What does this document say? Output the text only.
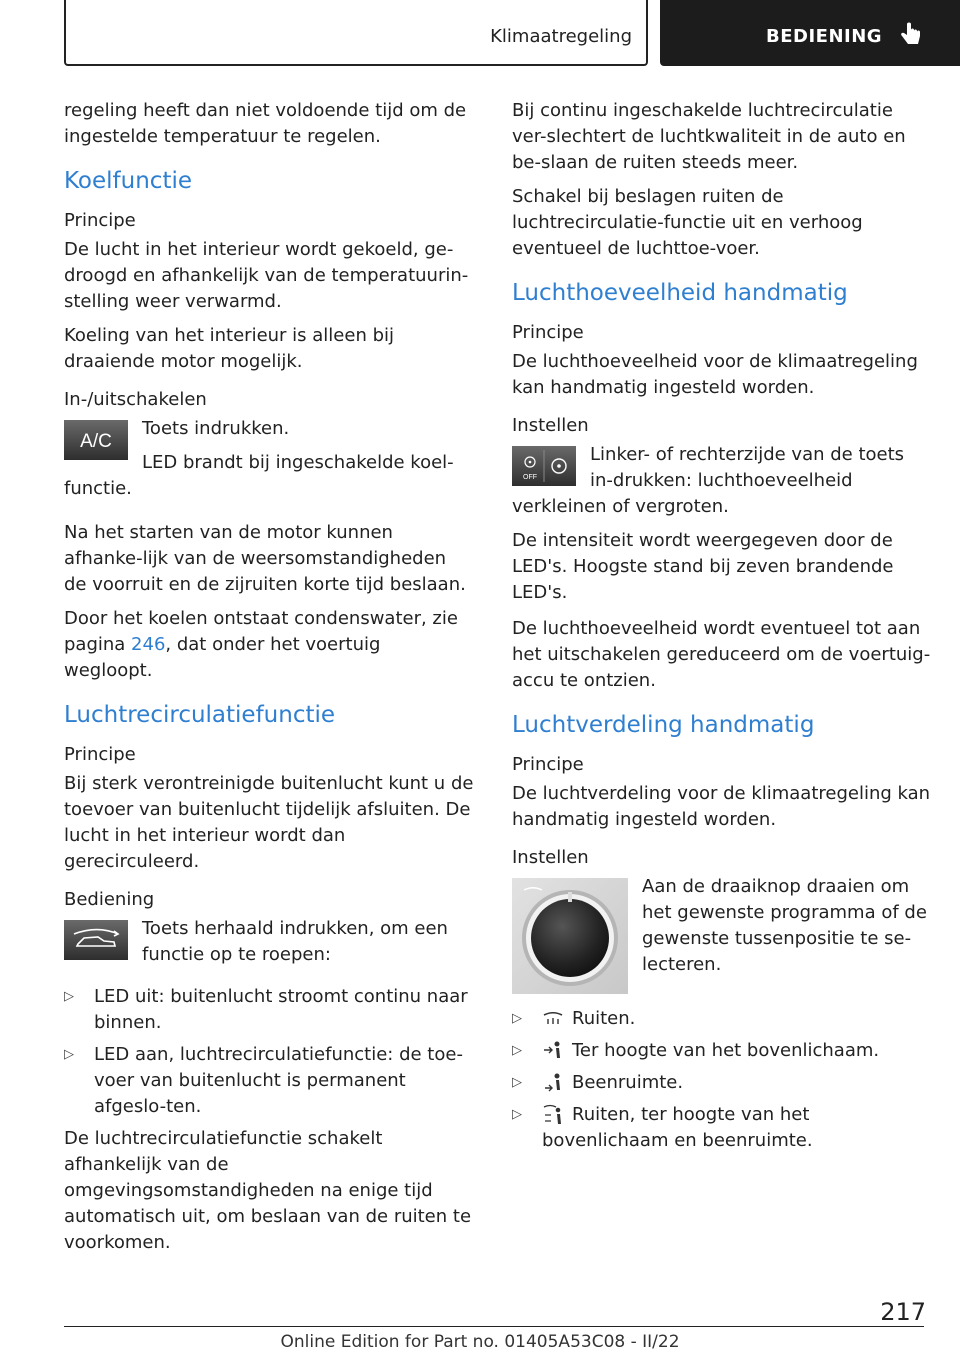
Klimaatregeling	BEDIENING

regeling heeft dan niet voldoende tijd om de ingestelde temperatuur te regelen.

Koelfunctie
Principe

De lucht in het interieur wordt gekoeld, ge-droogd en afhankelijk van de temperatuurin-stelling weer verwarmd.

Koeling van het interieur is alleen bij draaiende motor mogelijk.

In-/uitschakelen
A/C

Toets indrukken.

LED brandt bij ingeschakelde koel-functie.

Na het starten van de motor kunnen afhanke-lijk van de weersomstandigheden de voorruit en de zijruiten korte tijd beslaan.

Door het koelen ontstaat condenswater, zie pagina 246, dat onder het voertuig wegloopt.

Luchtrecirculatiefunctie
Principe

Bij sterk verontreinigde buitenlucht kunt u de toevoer van buitenlucht tijdelijk afsluiten. De lucht in het interieur wordt dan gerecirculeerd.

Bediening

Toets herhaald indrukken, om een functie op te roepen:

▷ LED uit: buitenlucht stroomt continu naar binnen.
▷ LED aan, luchtrecirculatiefunctie: de toe-voer van buitenlucht is permanent afgeslo-ten.

De luchtrecirculatiefunctie schakelt afhankelijk van de omgevingsomstandigheden na enige tijd automatisch uit, om beslaan van de ruiten te voorkomen.

Bij continu ingeschakelde luchtrecirculatie ver-slechtert de luchtkwaliteit in de auto en be-slaan de ruiten steeds meer.

Schakel bij beslagen ruiten de luchtrecirculatie-functie uit en verhoog eventueel de luchttoe-voer.

Luchthoeveelheid handmatig
Principe

De luchthoeveelheid voor de klimaatregeling kan handmatig ingesteld worden.

Instellen
OFF

Linker- of rechterzijde van de toets in-drukken: luchthoeveelheid verkleinen of vergroten.

De intensiteit wordt weergegeven door de LED's. Hoogste stand bij zeven brandende LED's.

De luchthoeveelheid wordt eventueel tot aan het uitschakelen gereduceerd om de voertuig-accu te ontzien.

Luchtverdeling handmatig
Principe

De luchtverdeling voor de klimaatregeling kan handmatig ingesteld worden.

Instellen

Aan de draaiknop draaien om het gewenste programma of de gewenste tussenpositie te se-lecteren.

▷	Ruiten.
▷	Ter hoogte van het bovenlichaam.
▷	Beenruimte.
▷	Ruiten, ter hoogte van het bovenlichaam en beenruimte.
217
Online Edition for Part no. 01405A53C08 - II/22
